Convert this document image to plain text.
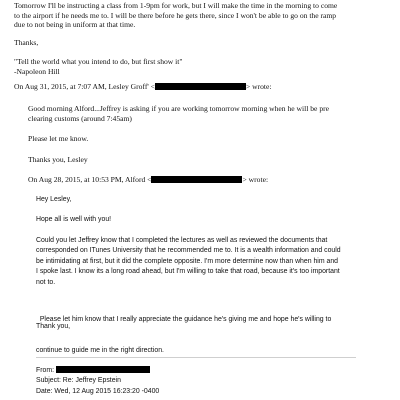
Tomorrow I'll be instructing a class from 1-9pm for work, but I will make the time in the morning to come

to the airport if he needs me to. I will be there before he gets there, since I won't be able to go on the ramp

due to not being in uniform at that time.

Thanks,

"Tell the world what you intend to do, but first show it"

-Napoleon Hill

On Aug 31, 2015, at 7:07 AM, Lesley Groff' <	> wrote:

Good morning Alford...Jeffrey is asking if you are working tomorrow morning when he will be pre

clearing customs (around 7:45am)

Please let me know.
Thanks you, Lesley
On Aug 28, 2015, at 10:53 PM, Alford <	> wrote:
Hey Lesley,
Hope all is well with you!

Could you let Jeffrey know that I completed the lectures as well as reviewed the documents that

corresponded on ITunes University that he recommended me to. It is a wealth information and could

be intimidating at first, but it did the complete opposite. I'm more determine now than when him and

I spoke last. I know its a long road ahead, but I'm willing to take that road, because it's too important

not to.

Please let him know that I really appreciate the guidance he's giving me and hope he's willing to

continue to guide me in the right direction.

Thank you,

From:

Subject: Re: Jeffrey Epstein

Date: Wed, 12 Aug 2015 16:23:20 -0400
